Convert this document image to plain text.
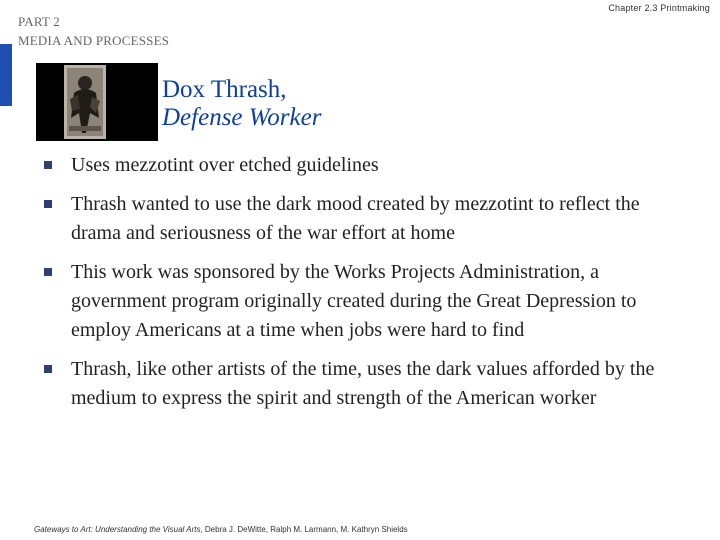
PART 2
MEDIA AND PROCESSES
Chapter 2.3 Printmaking
Dox Thrash,
Defense Worker
Uses mezzotint over etched guidelines
Thrash wanted to use the dark mood created by mezzotint to reflect the drama and seriousness of the war effort at home
This work was sponsored by the Works Projects Administration, a government program originally created during the Great Depression to employ Americans at a time when jobs were hard to find
Thrash, like other artists of the time, uses the dark values afforded by the medium to express the spirit and strength of the American worker
Gateways to Art: Understanding the Visual Arts, Debra J. DeWitte, Ralph M. Larmann, M. Kathryn Shields
